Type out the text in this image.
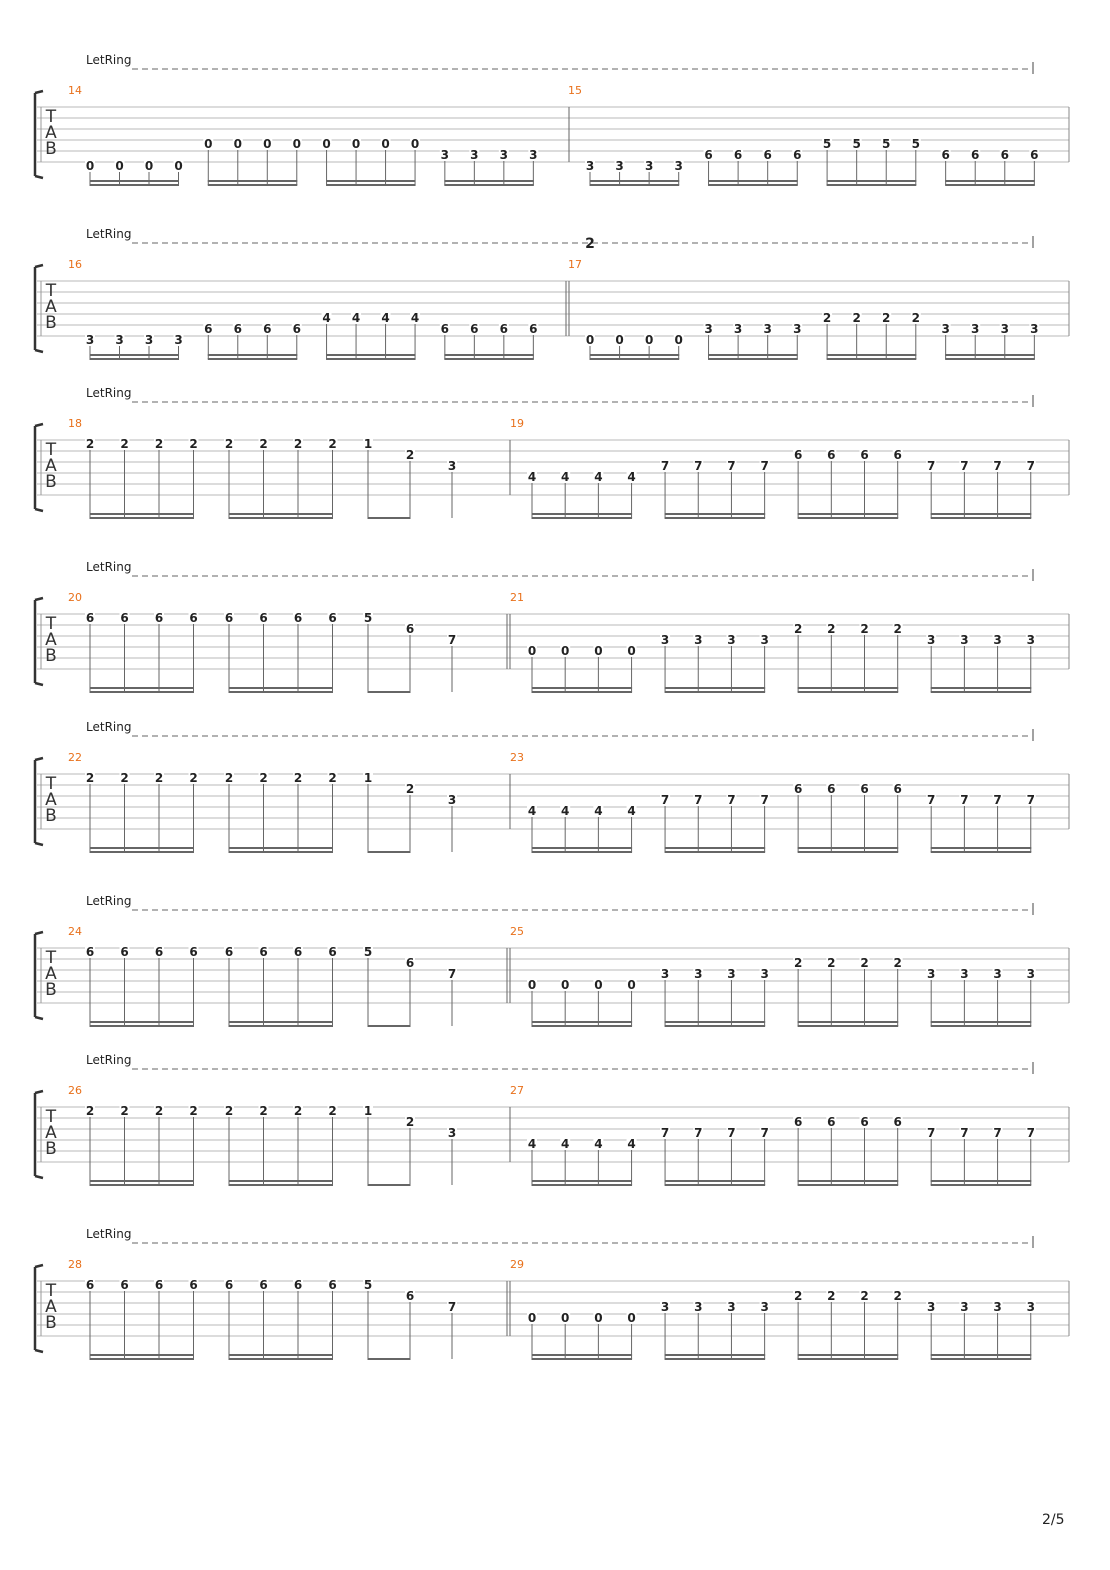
LetRing
T
A
B
14
0 0 0 0
0 0 0 0 0 0 0 0
3 3 3 3
15
3 3 3 3
6 6 6 6
5 5 5 5
6 6 6 6
LetRing
2
T
A
B
16
3 3 3 3
6 6 6 6
4 4 4 4
6 6 6 6
17
0 0 0 0
3 3 3 3
2 2 2 2
3 3 3 3
LetRing
T
A
B
18
2 2 2 2 2 2 2 2 1
2
3
19
4 4 4 4
7 7 7 7
6 6 6 6
7 7 7 7
LetRing
T
A
B
20
6 6 6 6 6 6 6 6 5
6
7
21
0 0 0 0
3 3 3 3
2 2 2 2
3 3 3 3
LetRing
T
A
B
22
2 2 2 2 2 2 2 2 1
2
3
23
4 4 4 4
7 7 7 7
6 6 6 6
7 7 7 7
LetRing
T
A
B
24
6 6 6 6 6 6 6 6 5
6
7
25
0 0 0 0
3 3 3 3
2 2 2 2
3 3 3 3
LetRing
T
A
B
26
2 2 2 2 2 2 2 2 1
2
3
27
4 4 4 4
7 7 7 7
6 6 6 6
7 7 7 7
LetRing
T
A
B
28
6 6 6 6 6 6 6 6 5
6
7
29
0 0 0 0
3 3 3 3
2 2 2 2
3 3 3 3
2/5
